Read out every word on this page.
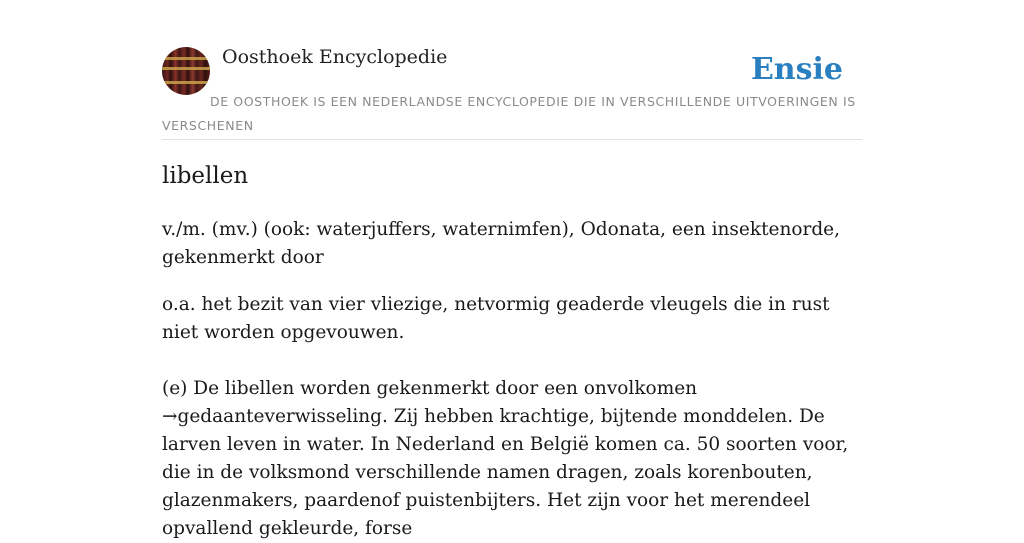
Oosthoek Encyclopedie	Ensie
DE OOSTHOEK IS EEN NEDERLANDSE ENCYCLOPEDIE DIE IN VERSCHILLENDE UITVOERINGEN IS VERSCHENEN
libellen

v./m. (mv.) (ook: waterjuffers, waternimfen), Odonata, een insektenorde, gekenmerkt door

o.a. het bezit van vier vliezige, netvormig geaderde vleugels die in rust niet worden opgevouwen.

(e) De libellen worden gekenmerkt door een onvolkomen →gedaanteverwisseling. Zij hebben krachtige, bijtende monddelen. De larven leven in water. In Nederland en België komen ca. 50 soorten voor, die in de volksmond verschillende namen dragen, zoals korenbouten, glazenmakers, paardenof puistenbijters. Het zijn voor het merendeel opvallend gekleurde, forse
